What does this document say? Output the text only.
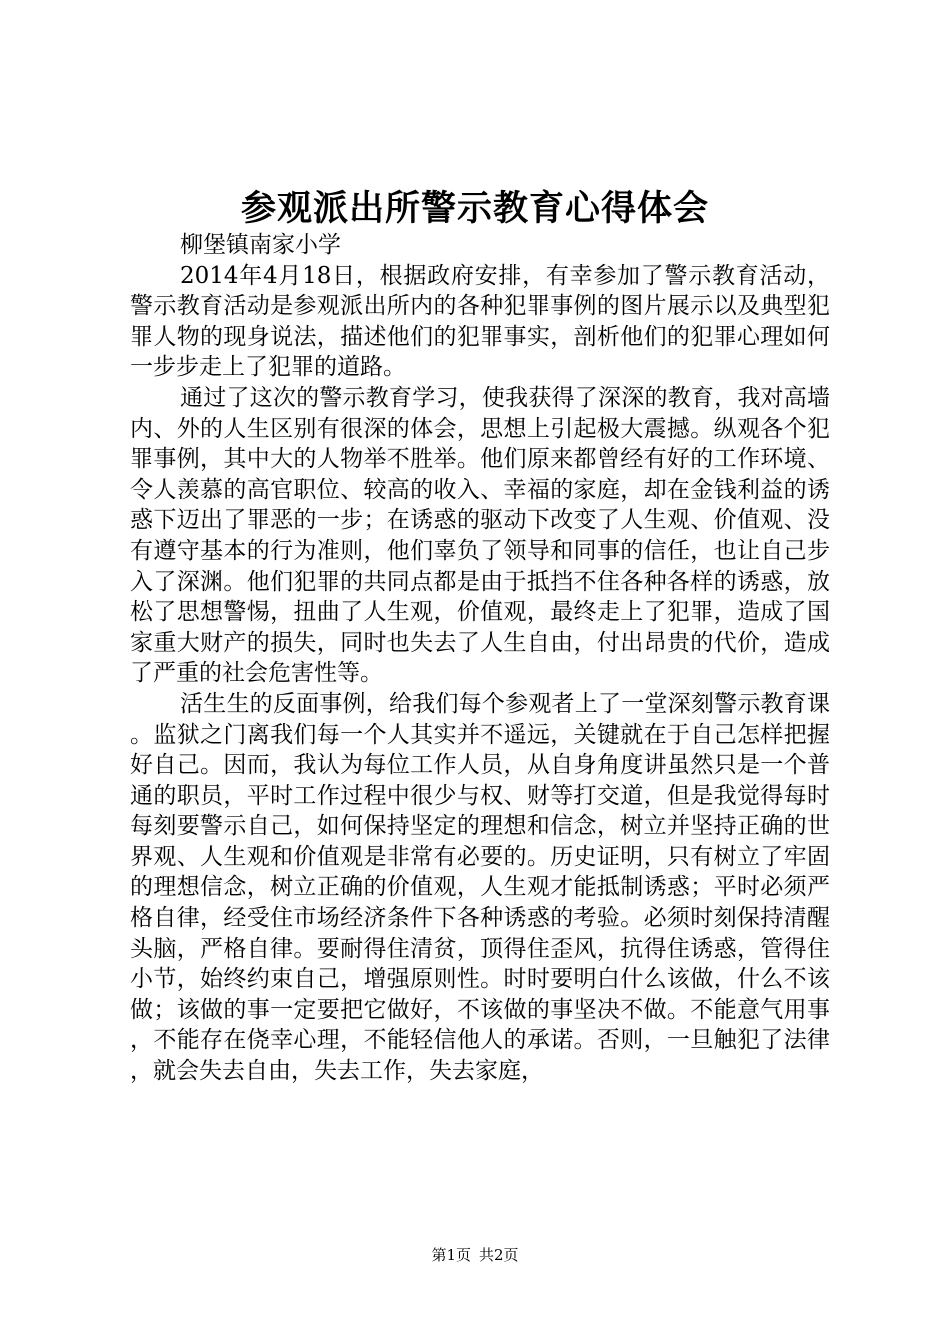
参观派出所警示教育心得体会

柳堡镇南家小学

2014年4月18日，根据政府安排，有幸参加了警示教育活动，警示教育活动是参观派出所内的各种犯罪事例的图片展示以及典型犯罪人物的现身说法，描述他们的犯罪事实，剖析他们的犯罪心理如何一步步走上了犯罪的道路。

通过了这次的警示教育学习，使我获得了深深的教育，我对高墙内、外的人生区别有很深的体会，思想上引起极大震撼。纵观各个犯罪事例，其中大的人物举不胜举。他们原来都曾经有好的工作环境、令人羡慕的高官职位、较高的收入、幸福的家庭，却在金钱利益的诱惑下迈出了罪恶的一步；在诱惑的驱动下改变了人生观、价值观、没有遵守基本的行为准则，他们辜负了领导和同事的信任，也让自己步入了深渊。他们犯罪的共同点都是由于抵挡不住各种各样的诱惑，放松了思想警惕，扭曲了人生观，价值观，最终走上了犯罪，造成了国家重大财产的损失，同时也失去了人生自由，付出昂贵的代价，造成了严重的社会危害性等。

活生生的反面事例，给我们每个参观者上了一堂深刻警示教育课。监狱之门离我们每一个人其实并不遥远，关键就在于自己怎样把握好自己。因而，我认为每位工作人员，从自身角度讲虽然只是一个普通的职员，平时工作过程中很少与权、财等打交道，但是我觉得每时每刻要警示自己，如何保持坚定的理想和信念，树立并坚持正确的世界观、人生观和价值观是非常有必要的。历史证明，只有树立了牢固的理想信念，树立正确的价值观，人生观才能抵制诱惑；平时必须严格自律，经受住市场经济条件下各种诱惑的考验。必须时刻保持清醒头脑，严格自律。要耐得住清贫，顶得住歪风，抗得住诱惑，管得住小节，始终约束自己，增强原则性。时时要明白什么该做，什么不该做；该做的事一定要把它做好，不该做的事坚决不做。不能意气用事，不能存在侥幸心理，不能轻信他人的承诺。否则，一旦触犯了法律，就会失去自由，失去工作，失去家庭，

第1页 共2页
